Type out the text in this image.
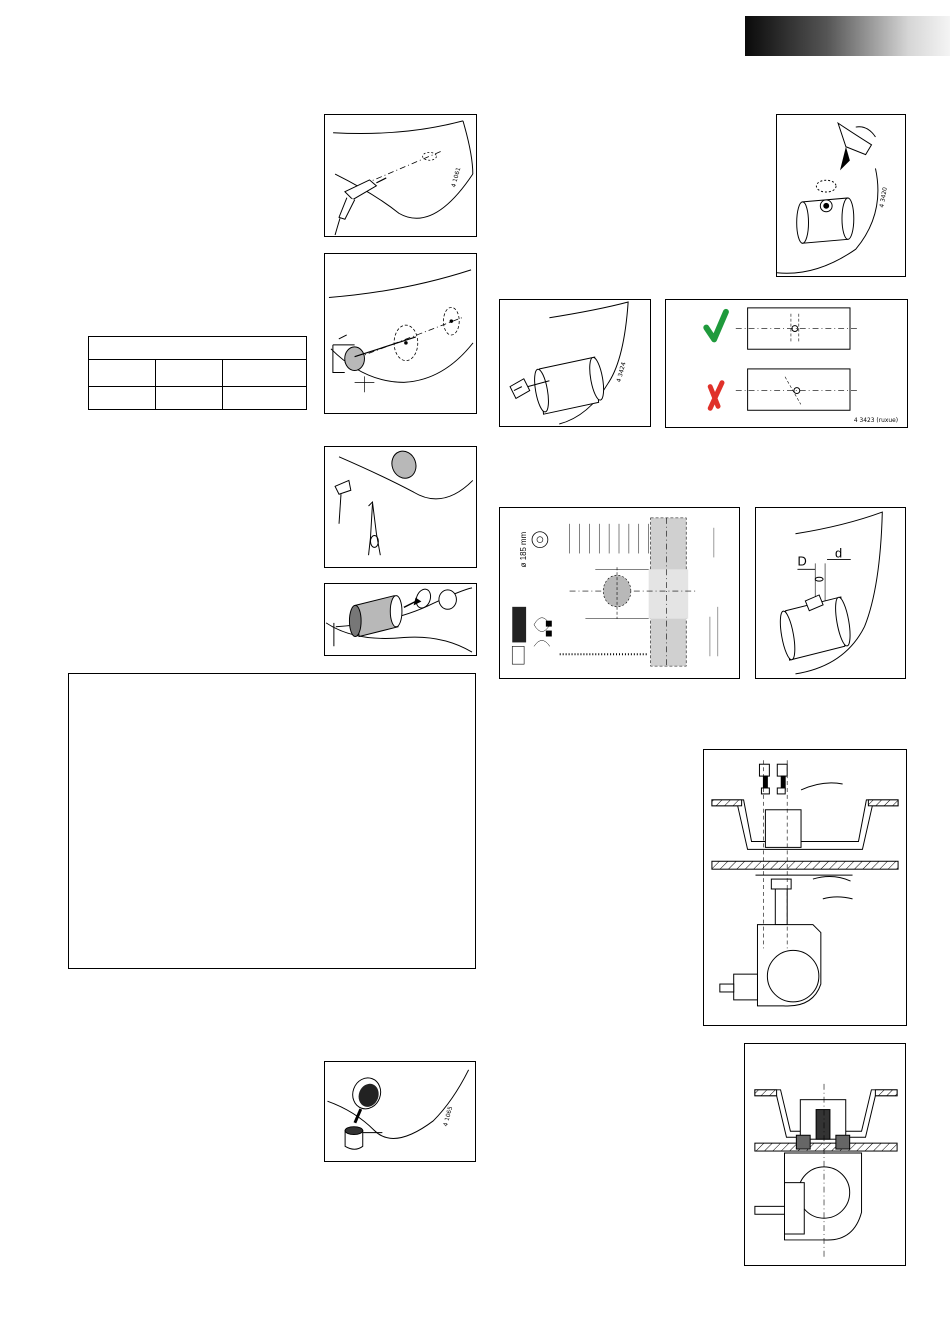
4 1061

4 1065
4 3420
4 3424
4 3423 (ruxue)
ø 185 mm	D
d
